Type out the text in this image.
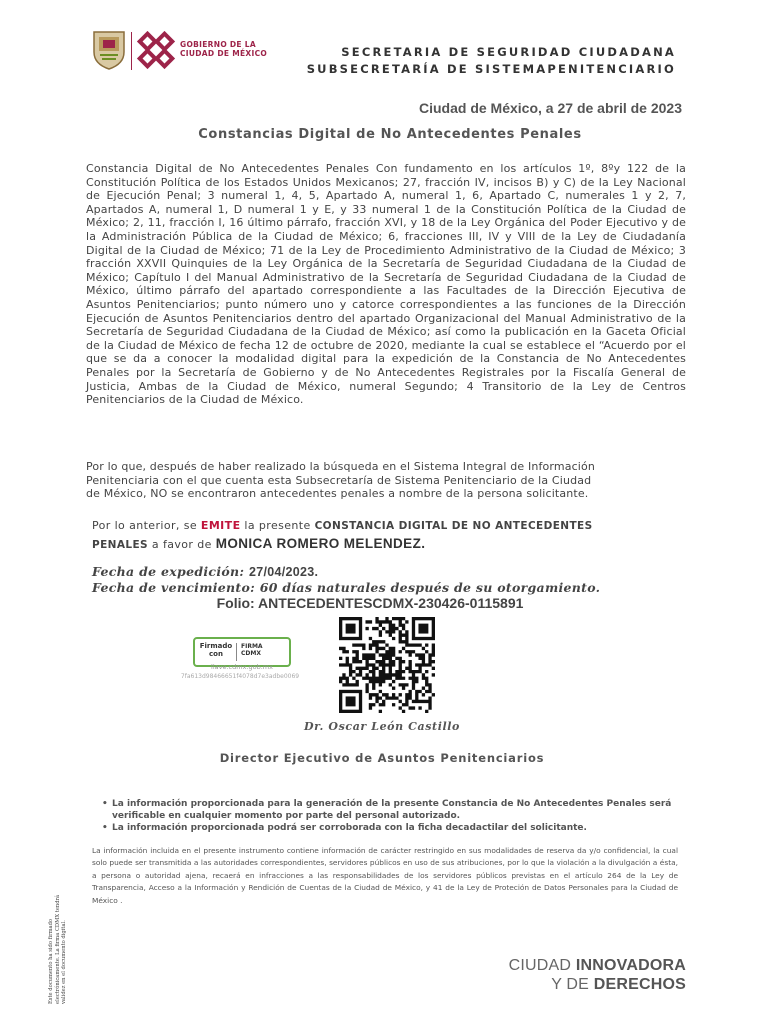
GOBIERNO DE LA
CIUDAD DE MÉXICO	SECRETARIA DE SEGURIDAD CIUDADANA
SUBSECRETARÍA DE SISTEMAPENITENCIARIO
Ciudad de México, a 27 de abril de 2023
Constancias Digital de No Antecedentes Penales
Constancia Digital de No Antecedentes Penales Con fundamento en los artículos 1º, 8ºy 122 de la Constitución Política de los Estados Unidos Mexicanos; 27, fracción IV, incisos B) y C) de la Ley Nacional de Ejecución Penal; 3 numeral 1, 4, 5, Apartado A, numeral 1, 6, Apartado C, numerales 1 y 2, 7, Apartados A, numeral 1, D numeral 1 y E, y 33 numeral 1 de la Constitución Política de la Ciudad de México; 2, 11, fracción I, 16 último párrafo, fracción XVI, y 18 de la Ley Orgánica del Poder Ejecutivo y de la Administración Pública de la Ciudad de México; 6, fracciones III, IV y VIII de la Ley de Ciudadanía Digital de la Ciudad de México; 71 de la Ley de Procedimiento Administrativo de la Ciudad de México; 3 fracción XXVII Quinquies de la Ley Orgánica de la Secretaría de Seguridad Ciudadana de la Ciudad de México; Capítulo I del Manual Administrativo de la Secretaría de Seguridad Ciudadana de la Ciudad de México, último párrafo del apartado correspondiente a las Facultades de la Dirección Ejecutiva de Asuntos Penitenciarios; punto número uno y catorce correspondientes a las funciones de la Dirección Ejecución de Asuntos Penitenciarios dentro del apartado Organizacional del Manual Administrativo de la Secretaría de Seguridad Ciudadana de la Ciudad de México; así como la publicación en la Gaceta Oficial de la Ciudad de México de fecha 12 de octubre de 2020, mediante la cual se establece el “Acuerdo por el que se da a conocer la modalidad digital para la expedición de la Constancia de No Antecedentes Penales por la Secretaría de Gobierno y de No Antecedentes Registrales por la Fiscalía General de Justicia, Ambas de la Ciudad de México, numeral Segundo; 4 Transitorio de la Ley de Centros Penitenciarios de la Ciudad de México.
Por lo que, después de haber realizado la búsqueda en el Sistema Integral de Información
Penitenciaria con el que cuenta esta Subsecretaría de Sistema Penitenciario de la Ciudad
de México, NO se encontraron antecedentes penales a nombre de la persona solicitante.
Por lo anterior, se EMITE la presente CONSTANCIA DIGITAL DE NO ANTECEDENTES
PENALES a favor de MONICA ROMERO MELENDEZ.
Fecha de expedición: 27/04/2023.
Fecha de vencimiento: 60 días naturales después de su otorgamiento.
Folio: ANTECEDENTESCDMX-230426-0115891
Firmado
con
FIRMA
CDMX
llave.cdmx.gob.mx
7fa613d98466651f4078d7e3adbe0069
Dr. Oscar León Castillo
Director Ejecutivo de Asuntos Penitenciarios
• La información proporcionada para la generación de la presente Constancia de No Antecedentes Penales será verificable en cualquier momento por parte del personal autorizado.
• La información proporcionada podrá ser corroborada con la ficha decadactilar del solicitante.
La información incluida en el presente instrumento contiene información de carácter restringido en sus modalidades de reserva da y/o confidencial, la cual solo puede ser transmitida a las autoridades correspondientes, servidores públicos en uso de sus atribuciones, por lo que la violación a la divulgación a ésta, a persona o autoridad ajena, recaerá en infracciones a las responsabilidades de los servidores públicos previstas en el artículo 264 de la Ley de Transparencia, Acceso a la Información y Rendición de Cuentas de la Ciudad de México, y 41 de la Ley de Proteción de Datos Personales para la Ciudad de México .
Este documento ha sido firmado electrónicamente. La firma CDMX tendrá validez en el documento digital.	CIUDAD INNOVADORA
Y DE DERECHOS
